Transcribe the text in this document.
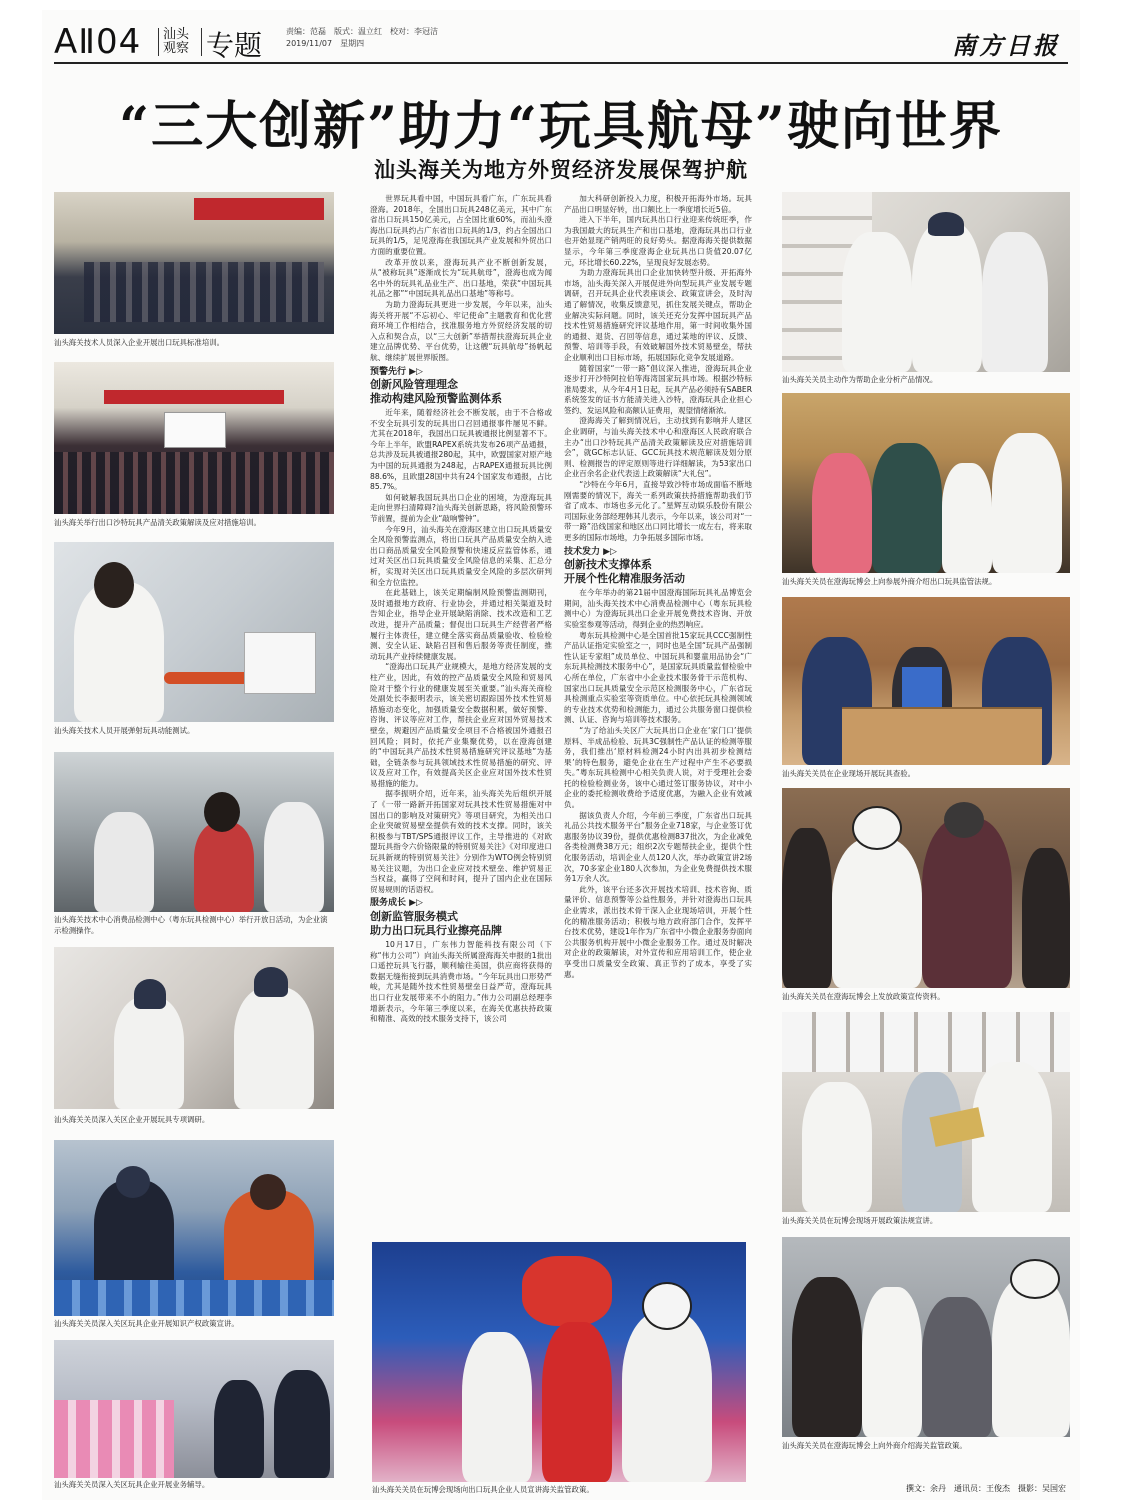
AⅡ04	汕头观察 专题	责编：范磊　版式：温立红　校对：李冠洁
2019/11/07　星期四	南方日报
“三大创新”助力“玩具航母”驶向世界
汕头海关为地方外贸经济发展保驾护航
汕头海关技术人员深入企业开展出口玩具标准培训。
汕头海关举行出口沙特玩具产品清关政策解读及应对措施培训。
汕头海关技术人员开展弹射玩具动能测试。
汕头海关技术中心消费品检测中心（粤东玩具检测中心）举行开放日活动，为企业演示检测操作。
汕头海关关员深入关区企业开展玩具专项调研。
汕头海关关员深入关区玩具企业开展知识产权政策宣讲。
汕头海关关员深入关区玩具企业开展业务辅导。

世界玩具看中国，中国玩具看广东，广东玩具看澄海。2018年，全国出口玩具248亿美元，其中广东省出口玩具150亿美元，占全国比重60%，而汕头澄海出口玩具约占广东省出口玩具的1/3，约占全国出口玩具的1/5，足见澄海在我国玩具产业发展和外贸出口方面的重要位置。

改革开放以来，澄海玩具产业不断创新发展，从“被称玩具”逐渐成长为“玩具航母”，澄海也成为闻名中外的玩具礼品业生产、出口基地，荣获“中国玩具礼品之都”“中国玩具礼品出口基地”等称号。

为助力澄海玩具更进一步发展，今年以来，汕头海关将开展“不忘初心、牢记使命”主题教育和优化营商环境工作相结合，找准服务地方外贸经济发展的切入点和契合点，以“三大创新”举措帮扶澄海玩具企业建立品牌优势、平台优势，让这艘“玩具航母”扬帆起航、继续扩展世界版图。

预警先行 ▶▷
创新风险管理理念
推动构建风险预警监测体系

近年来，随着经济社会不断发展，由于不合格或不安全玩具引发的玩具出口召回通报事件屡见不鲜。尤其在2018年，我国出口玩具被通报比例显著不下。今年上半年，欧盟RAPEX系统共发布26项产品通报，总共涉及玩具被通报280起，其中，欧盟国家对原产地为中国的玩具通报为248起，占RAPEX通报玩具比例88.6%，且欧盟28国中共有24个国家发布通报，占比85.7%。

如何破解我国玩具出口企业的困境，为澄海玩具走向世界扫清障碍?汕头海关创新思路，将风险预警环节前置，提前为企业“敲响警钟”。

今年9月，汕头海关在澄海区建立出口玩具质量安全风险预警监测点，将出口玩具产品质量安全纳入进出口商品质量安全风险预警和快速反应监管体系，通过对关区出口玩具质量安全风险信息的采集、汇总分析，实现对关区出口玩具质量安全风险的多层次研判和全方位监控。

在此基础上，该关定期编制风险预警监测期刊，及时通报地方政府、行业协会，并通过相关渠道及时告知企业，指导企业开展缺陷消除、技术改造和工艺改进，提升产品质量；督促出口玩具生产经营者严格履行主体责任，建立健全落实商品质量验收、检验检测、安全认证、缺陷召回和售后服务等责任制度，推动玩具产业持续健康发展。

“澄海出口玩具产业规模大，是地方经济发展的支柱产业，因此，有效的控产品质量安全风险和贸易风险对于整个行业的健康发展至关重要。”汕头海关商检处副处长李振明表示，该关密切跟踪国外技术性贸易措施动态变化，加强质量安全数据积累，做好预警、咨询、评议等应对工作，帮扶企业应对国外贸易技术壁垒，规避因产品质量安全项目不合格被国外通报召回风险；同时，依托产业集聚优势，以在澄海创建的“中国玩具产品技术性贸易措施研究评议基地”为基础，全链条参与玩具领域技术性贸易措施的研究、评议及应对工作，有效提高关区企业应对国外技术性贸易措施的能力。

据李振明介绍，近年来，汕头海关先后组织开展了《一带一路新开拓国家对玩具技术性贸易措施对中国出口的影响及对策研究》等项目研究，为相关出口企业突破贸易壁垒提供有效的技术支撑。同时，该关积极参与TBT/SPS通报评议工作，主导推进的《对欧盟玩具指令六价铬限量的特别贸易关注》《对印度进口玩具新规的特别贸易关注》分别作为WTO例会特别贸易关注议题，为出口企业应对技术壁垒、维护贸易正当权益，赢得了空间和时间，提升了国内企业在国际贸易规则的话语权。

服务成长 ▶▷
创新监管服务模式
助力出口玩具行业擦亮品牌

10月17日，广东伟力智能科技有限公司（下称“伟力公司”）向汕头海关所属澄海海关申报的1批出口遥控玩具飞行器，顺利输往美国，供应商将获得的数据无缝衔接到玩具消费市场。“今年玩具出口形势严峻，尤其是随外技术性贸易壁垒日益严苛，澄海玩具出口行业发展带来不小的阻力。”伟力公司副总经理李增新表示，今年第三季度以来，在海关优惠扶持政策和精准、高效的技术服务支持下，该公司

加大科研创新投入力度，积极开拓海外市场。玩具产品出口明显好转，出口额比上一季度增长近5倍。

进入下半年，国内玩具出口行业迎来传统旺季，作为我国最大的玩具生产和出口基地，澄海玩具出口行业也开始显现产销两旺的良好势头。据澄海海关提供数据显示，今年第三季度澄海企业玩具出口货值20.07亿元，环比增长60.22%，呈现良好发展态势。

为助力澄海玩具出口企业加快转型升级、开拓海外市场，汕头海关深入开展促进外向型玩具产业发展专题调研，召开玩具企业代表座谈会、政策宣讲会，及时沟通了解情况，收集反馈意见，抓住发展关键点，帮助企业解决实际问题。同时，该关还充分发挥中国玩具产品技术性贸易措施研究评议基地作用，第一时间收集外国的通报、退货、召回等信息，通过某地的评议、反馈、预警、培训等手段，有效破解国外技术贸易壁垒，帮扶企业顺利出口目标市场，拓展国际化竞争发展道路。

随着国家“一带一路”倡议深入推进，澄海玩具企业逐步打开沙特阿拉伯等海湾国家玩具市场。根据沙特标准局要求，从今年4月1日起，玩具产品必须持有SABER系统签发的证书方能清关进入沙特，澄海玩具企业担心签约、发运风险和高额认证费用，观望情绪渐浓。

澄海海关了解到情况后，主动找到有影响并人建区企业调研，与汕头海关技术中心和澄海区人民政府联合主办“出口沙特玩具产品清关政策解读及应对措施培训会”，就GC标志认证、GCC玩具技术规范解读及划分原则、检测报告的评定原则等进行详细解读，为53家出口企业百余名企业代表送上政策解读“大礼包”。

“沙特在今年6月，直接导致沙特市场成面临不断地刚需要的情况下，海关一系列政策扶持措施帮助我们节省了成本、市场也多元化了。”星辉互动娱乐股份有限公司国际业务部经理韩其儿表示，今年以来，该公司对“一带一路”沿线国家和地区出口同比增长一成左右，将来取更多的国际市场地，力争拓展多国际市场。

技术发力 ▶▷
创新技术支撑体系
开展个性化精准服务活动

在今年举办的第21届中国澄海国际玩具礼品博览会期间，汕头海关技术中心消费品检测中心（粤东玩具检测中心）为澄海玩具出口企业开展免费技术咨询、开放实验室参观等活动，得到企业的热烈响应。

粤东玩具检测中心是全国首批15家玩具CCC强制性产品认证指定实验室之一，同时也是全国“玩具产品强制性认证专家组”成员单位、中国玩具和婴童用品协会“广东玩具检测技术服务中心”，是国家玩具质量监督检验中心所在单位，广东省中小企业技术服务骨干示范机构、国家出口玩具质量安全示范区检测服务中心，广东省玩具检测重点实验室等资质单位。中心依托玩具检测领域的专业技术优势和检测能力，通过公共服务窗口提供检测、认证、咨询与培训等技术服务。

“为了给汕头关区广大玩具出口企业在‘家门口’提供原料、半成品检验、玩具3C强制性产品认证的检测等服务，我们推出‘原材料检测24小时内出具初步检测结果’的特色服务，避免企业在生产过程中产生不必要损失。”粤东玩具检测中心相关负责人说，对于受理社会委托的检验检测业务，该中心通过签订服务协议，对中小企业的委托检测收费给予适度优惠，为融入企业有效减负。

据该负责人介绍，今年前三季度，广东省出口玩具礼品公共技术服务平台“服务企业718家，与企业签订优惠服务协议39份，提供优惠检测837批次，为企业减免各类检测费38万元；组织2次专题帮扶企业，提供个性化服务活动，培训企业人员120人次，举办政策宣讲2场次，70多家企业180人次参加，为企业免费提供技术服务1万余人次。

此外，该平台还多次开展技术培训、技术咨询、质量评价、信息预警等公益性服务，并针对澄海出口玩具企业需求，派出技术骨干深入企业现场培训，开展个性化的精准服务活动；积极与地方政府部门合作，发挥平台技术优势，建设1年作为广东省中小微企业服务券面向公共服务机构开展中小微企业服务工作。通过及时解决对企业的政策解读，对外宣传和应用培训工作，使企业享受出口质量安全政策、真正节约了成本，享受了实惠。

汕头海关关员在玩博会现场向出口玩具企业人员宣讲海关监管政策。
汕头海关关员主动作为帮助企业分析产品情况。
汕头海关关员在澄海玩博会上向参展外商介绍出口玩具监管法规。
汕头海关关员在企业现场开展玩具查验。
汕头海关关员在澄海玩博会上发放政策宣传资料。
汕头海关关员在玩博会现场开展政策法规宣讲。
汕头海关关员在澄海玩博会上向外商介绍海关监管政策。
撰文：余丹　通讯员：王俊杰　摄影：吴国宏
